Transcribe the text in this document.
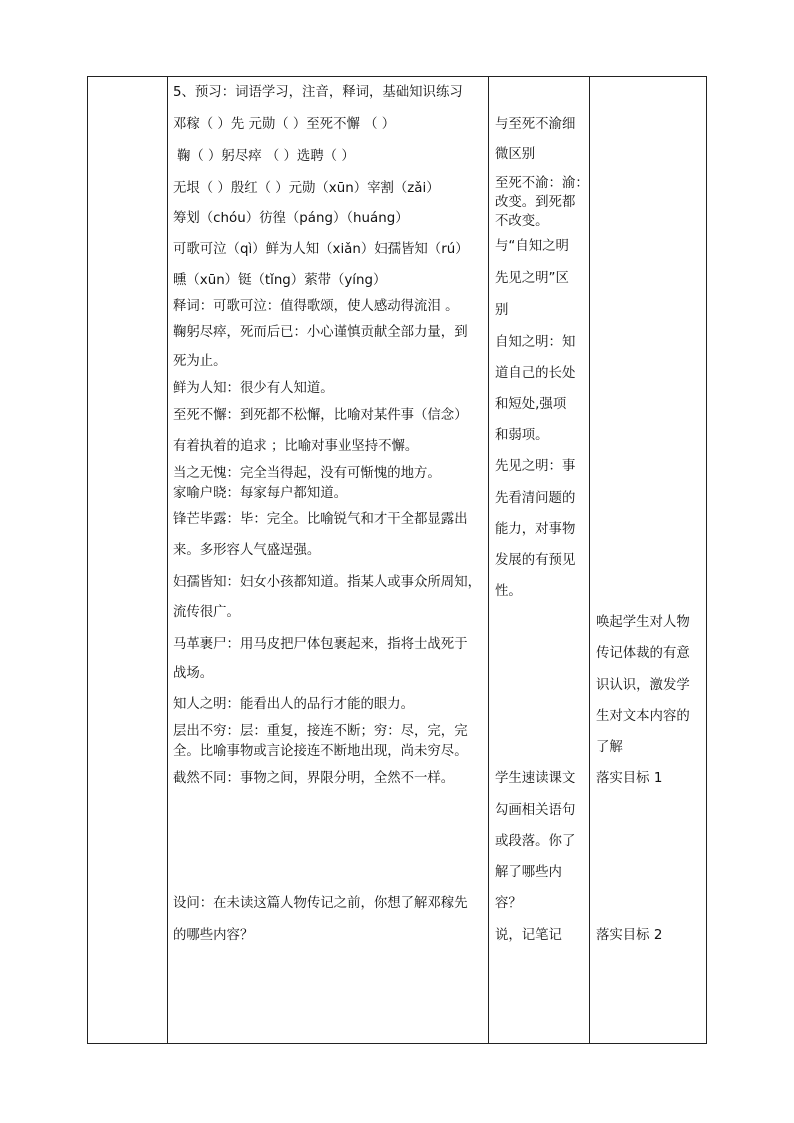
5、预习：词语学习，注音，释词，基础知识练习
邓稼（ ）先 元勋（ ）至死不懈 （ ）
鞠（ ）躬尽瘁 （ ）选聘（ ）
无垠（ ）殷红（ ）元勋（xūn）宰割（zǎi）
筹划（chóu）彷徨（páng）（huáng）
可歌可泣（qì）鲜为人知（xiǎn）妇孺皆知（rú）
曛（xūn）铤（tǐng）萦带（yíng）
释词：可歌可泣：值得歌颂，使人感动得流泪 。
鞠躬尽瘁，死而后已：小心谨慎贡献全部力量，到
死为止。
鲜为人知：很少有人知道。
至死不懈：到死都不松懈，比喻对某件事（信念）
有着执着的追求 ；比喻对事业坚持不懈。
当之无愧：完全当得起，没有可惭愧的地方。
家喻户晓：每家每户都知道。
锋芒毕露：毕：完全。比喻锐气和才干全都显露出
来。多形容人气盛逞强。
妇孺皆知：妇女小孩都知道。指某人或事众所周知，
流传很广。
马革裹尸：用马皮把尸体包裹起来，指将士战死于
战场。
知人之明：能看出人的品行才能的眼力。
层出不穷：层：重复，接连不断；穷：尽，完，完
全。比喻事物或言论接连不断地出现，尚未穷尽。
截然不同：事物之间，界限分明，全然不一样。
设问：在未读这篇人物传记之前，你想了解邓稼先
的哪些内容？
与至死不渝细
微区别
至死不渝：渝：
改变。到死都
不改变。
与“自知之明
先见之明”区
别
自知之明：知
道自己的长处
和短处,强项
和弱项。
先见之明：事
先看清问题的
能力，对事物
发展的有预见
性。
学生速读课文
勾画相关语句
或段落。你了
解了哪些内
容？
说，记笔记
唤起学生对人物
传记体裁的有意
识认识，激发学
生对文本内容的
了解
落实目标 1
落实目标 2
